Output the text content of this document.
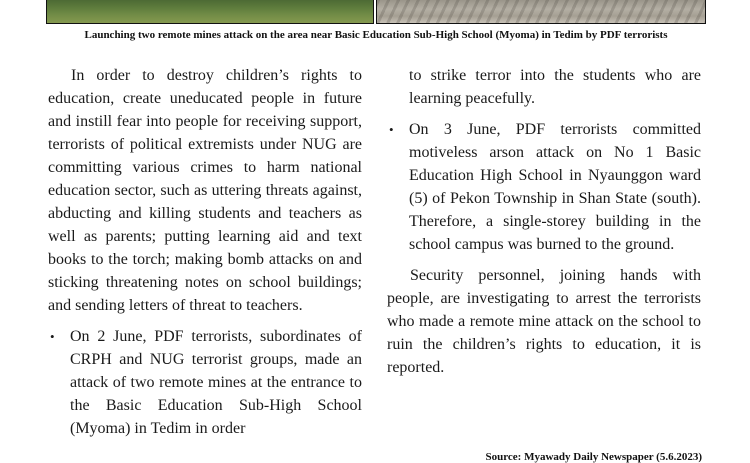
Launching two remote mines attack on the area near Basic Education Sub-High School (Myoma) in Tedim by PDF terrorists

In order to destroy children’s rights to education, create uneducated people in future and instill fear into people for receiving support, terrorists of political extremists under NUG are committing various crimes to harm national education sector, such as uttering threats against, abducting and killing students and teachers as well as parents; putting learning aid and text books to the torch; making bomb attacks on and sticking threatening notes on school buildings; and sending letters of threat to teachers.

• On 2 June, PDF terrorists, subordinates of CRPH and NUG terrorist groups, made an attack of two remote mines at the entrance to the Basic Education Sub-High School (Myoma) in Tedim in order

to strike terror into the students who are learning peacefully.

• On 3 June, PDF terrorists committed motiveless arson attack on No 1 Basic Education High School in Nyaunggon ward (5) of Pekon Township in Shan State (south). Therefore, a single-storey building in the school campus was burned to the ground.

Security personnel, joining hands with people, are investigating to arrest the terrorists who made a remote mine attack on the school to ruin the children’s rights to education, it is reported.

Source: Myawady Daily Newspaper (5.6.2023)
